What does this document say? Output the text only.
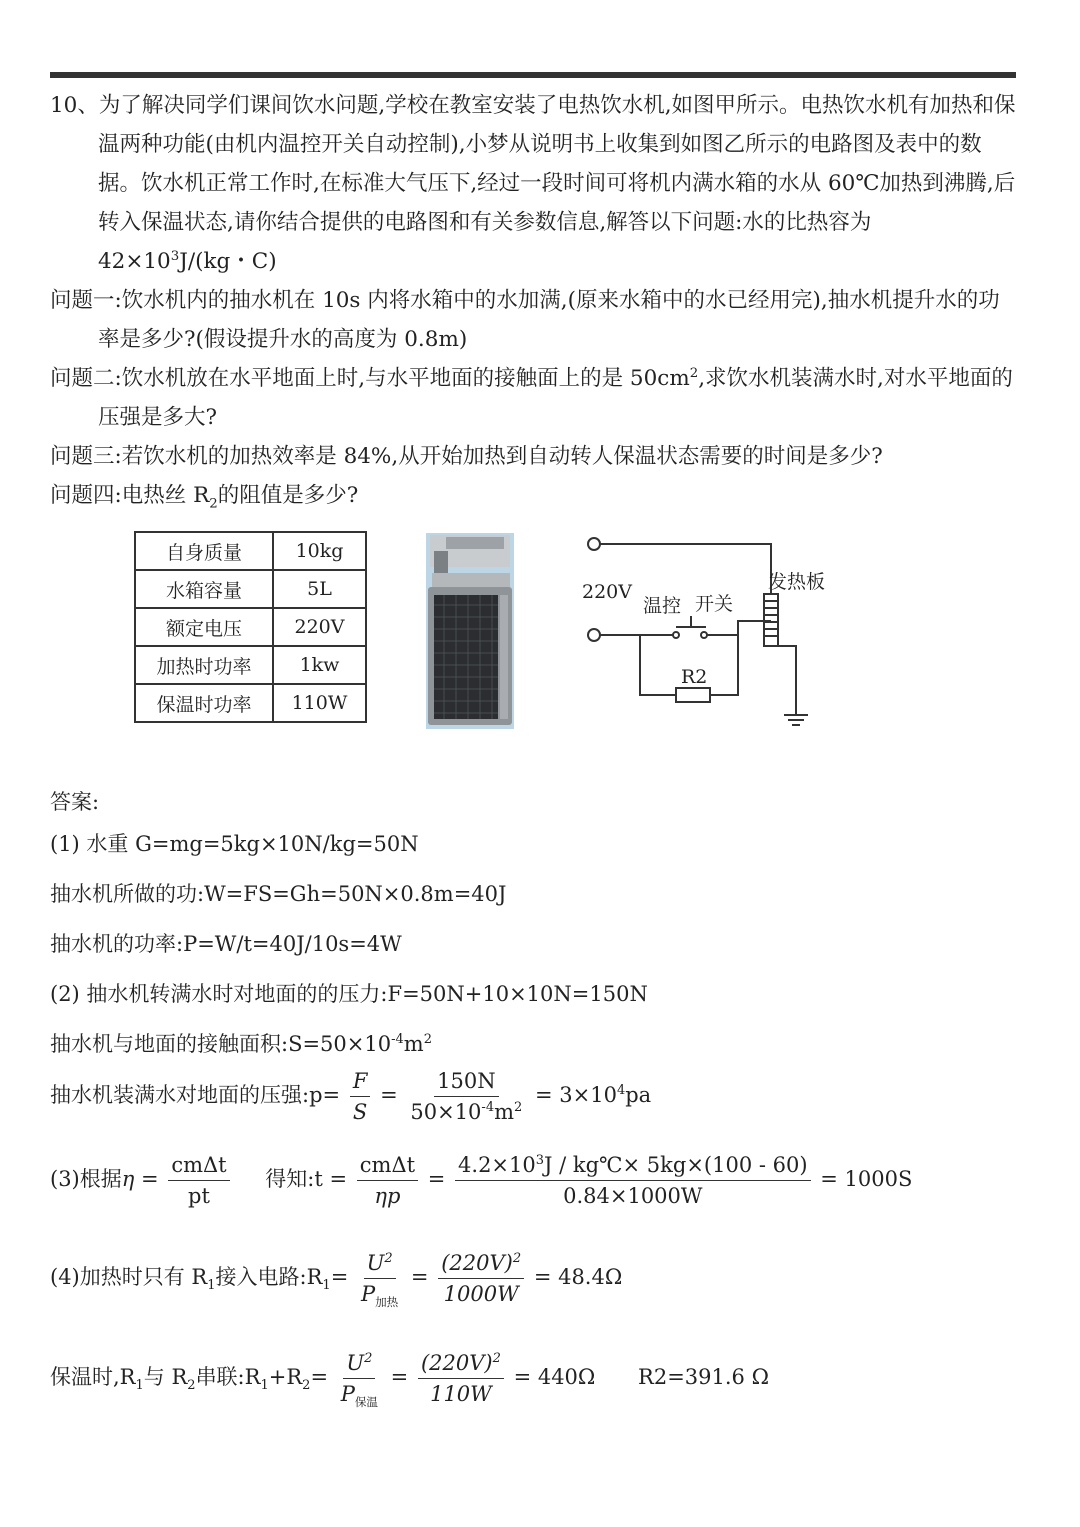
10、为了解决同学们课间饮水问题,学校在教室安装了电热饮水机,如图甲所示。电热饮水机有加热和保温两种功能(由机内温控开关自动控制),小梦从说明书上收集到如图乙所示的电路图及表中的数据。饮水机正常工作时,在标准大气压下,经过一段时间可将机内满水箱的水从 60℃加热到沸腾,后转入保温状态,请你结合提供的电路图和有关参数信息,解答以下问题:水的比热容为 $42\times 10^3J/(kg$・C)

问题一:饮水机内的抽水机在 10s 内将水箱中的水加满,(原来水箱中的水已经用完),抽水机提升水的功率是多少?(假设提升水的高度为 0.8m)

问题二:饮水机放在水平地面上时,与水平地面的接触面上的是 $50cm^2$,求饮水机装满水时,对水平地面的压强是多大?

问题三:若饮水机的加热效率是 84%,从开始加热到自动转人保温状态需要的时间是多少?

问题四:电热丝 $R_2$的阻值是多少?

自身质量	10kg
水箱容量	5L
额定电压	220V
加热时功率	1kw
保温时功率	110W
220V
温控 开关
发热板
R2
答案:
(1) 水重 G=mg=5kg×10N/kg=50N
抽水机所做的功:W=FS=Gh=50N×0.8m=40J
抽水机的功率:P=W/t=40J/10s=4W
(2) 抽水机转满水时对地面的的压力:F=50N+10×10N=150N
抽水机与地面的接触面积$:S=50\times 10^{-4}m^2$
抽水机装满水对地面的压强:p= $\frac{F}{S} = \frac{150N}{50\times 10^{-4}m^2} = 3\times 10^4pa$
(3)根据$\eta = \frac{\text{cmΔt}}{pt}$ 得知:t = $\frac{\text{cmΔt}}{\eta p} = \frac{4.2\times 10^3J / kg℃\times 5kg\times(100 - 60)}{0.84\times 1000W} = 1000S$
(4)加热时只有 $R_1$接入电路$:R_1= \frac{U^2}{P_{加热}} = \frac{(220V)^2}{1000W} = 48.4\Omega$
保温时$,R_1$与 $R_2$串联$:R_1+R_2= \frac{U^2}{P_{保温}} = \frac{(220V)^2}{110W} = 440\Omega$ R2=391.6 Ω
